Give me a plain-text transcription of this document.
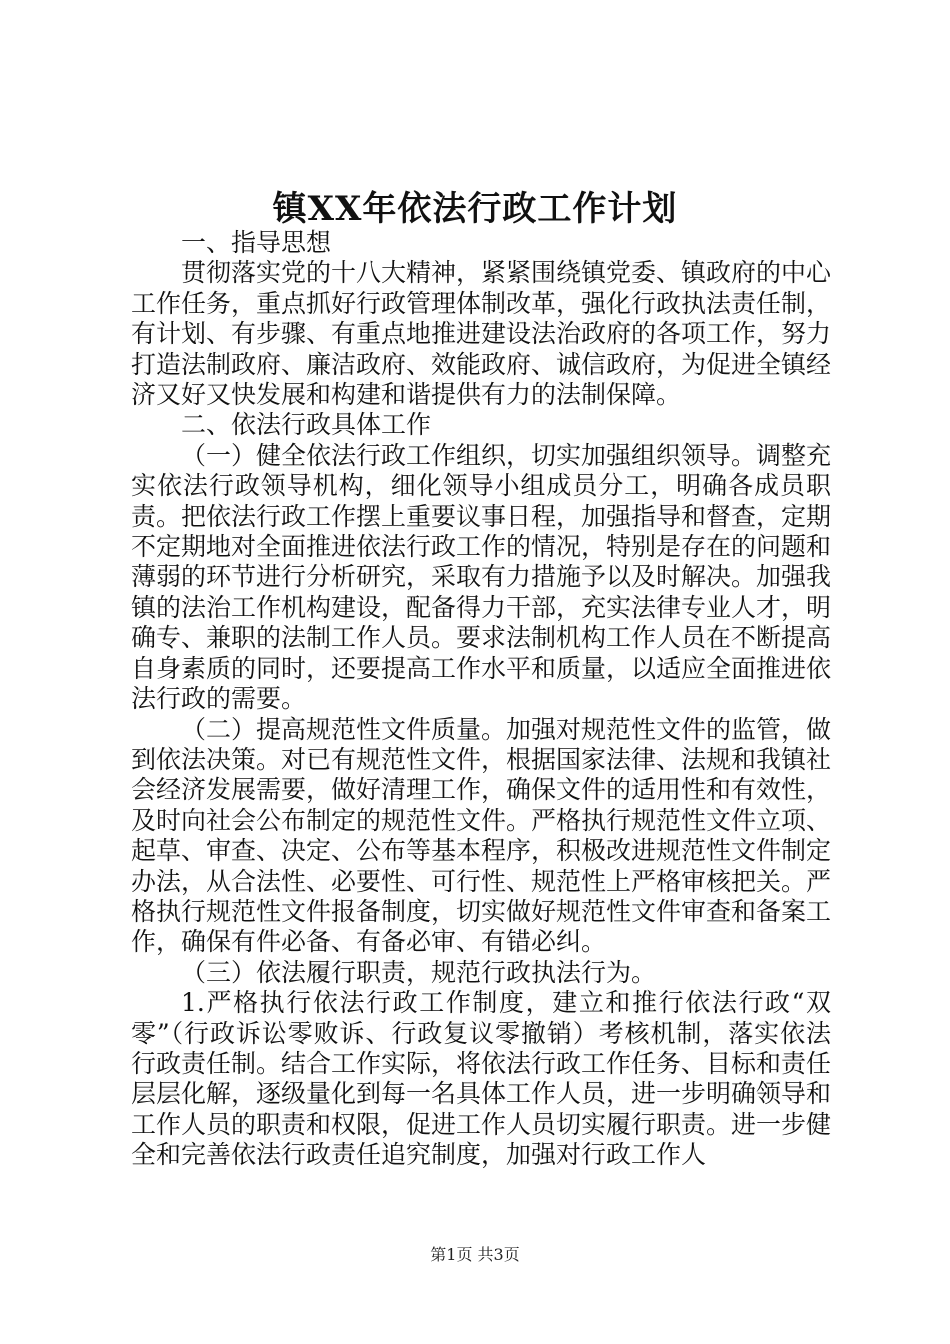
镇XX年依法行政工作计划

一、指导思想

贯彻落实党的十八大精神，紧紧围绕镇党委、镇政府的中心工作任务，重点抓好行政管理体制改革，强化行政执法责任制，有计划、有步骤、有重点地推进建设法治政府的各项工作，努力打造法制政府、廉洁政府、效能政府、诚信政府，为促进全镇经济又好又快发展和构建和谐提供有力的法制保障。

二、依法行政具体工作

（一）健全依法行政工作组织，切实加强组织领导。调整充实依法行政领导机构，细化领导小组成员分工，明确各成员职责。把依法行政工作摆上重要议事日程，加强指导和督查，定期不定期地对全面推进依法行政工作的情况，特别是存在的问题和薄弱的环节进行分析研究，采取有力措施予以及时解决。加强我镇的法治工作机构建设，配备得力干部，充实法律专业人才，明确专、兼职的法制工作人员。要求法制机构工作人员在不断提高自身素质的同时，还要提高工作水平和质量，以适应全面推进依法行政的需要。

（二）提高规范性文件质量。加强对规范性文件的监管，做到依法决策。对已有规范性文件，根据国家法律、法规和我镇社会经济发展需要，做好清理工作，确保文件的适用性和有效性，及时向社会公布制定的规范性文件。严格执行规范性文件立项、起草、审查、决定、公布等基本程序，积极改进规范性文件制定办法，从合法性、必要性、可行性、规范性上严格审核把关。严格执行规范性文件报备制度，切实做好规范性文件审查和备案工作，确保有件必备、有备必审、有错必纠。

（三）依法履行职责，规范行政执法行为。

1.严格执行依法行政工作制度，建立和推行依法行政“双零”（行政诉讼零败诉、行政复议零撤销）考核机制，落实依法行政责任制。结合工作实际，将依法行政工作任务、目标和责任层层化解，逐级量化到每一名具体工作人员，进一步明确领导和工作人员的职责和权限，促进工作人员切实履行职责。进一步健全和完善依法行政责任追究制度，加强对行政工作人

第1页 共3页
